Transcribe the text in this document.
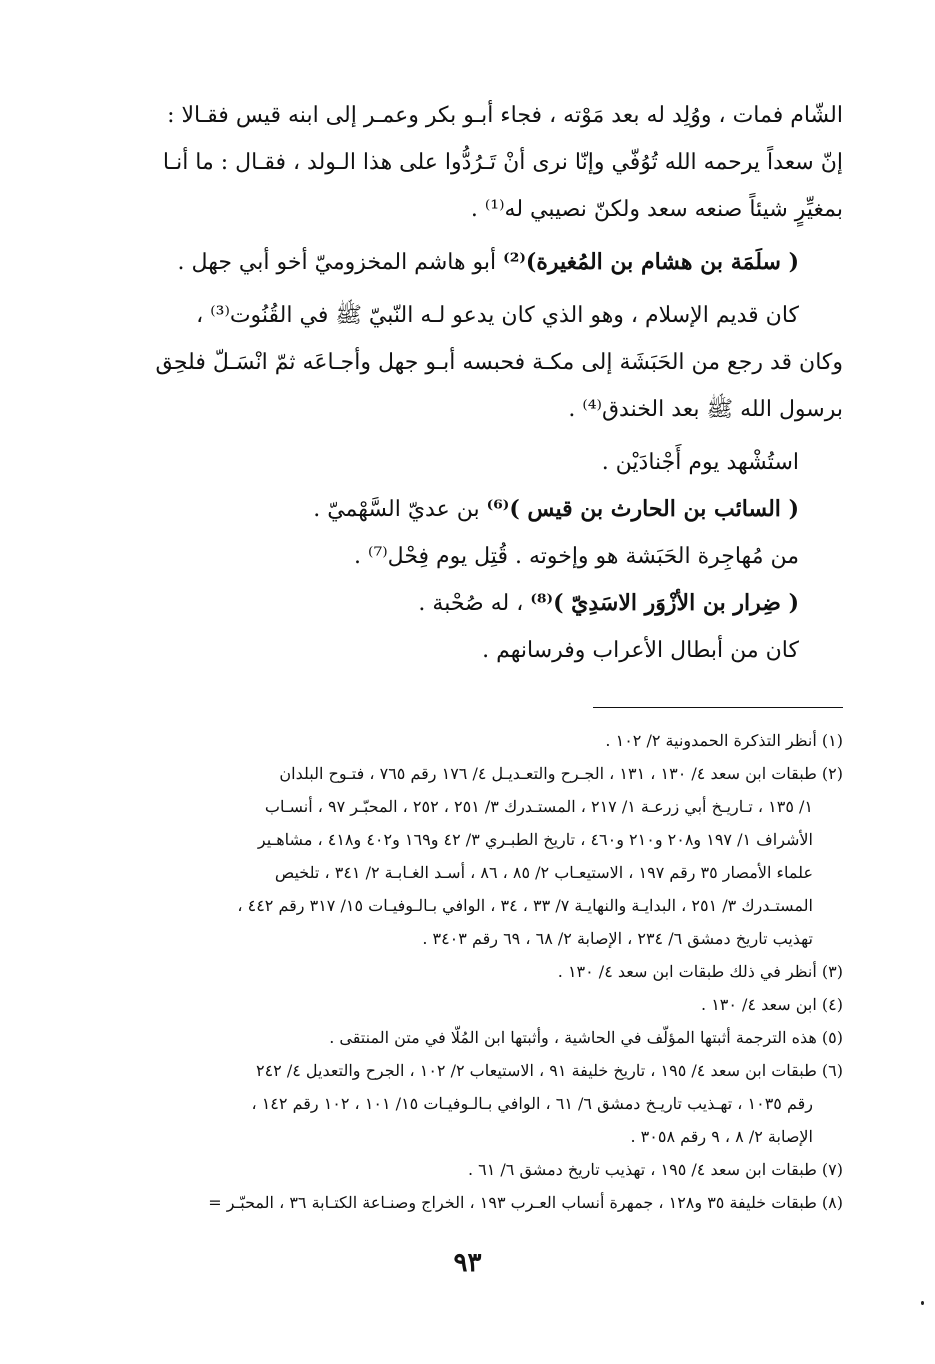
الشّام فمات ، ووُلِد له بعد مَوْته ، فجاء أبـو بكر وعمـر إلى ابنه قيس فقـالا :

إنّ سعداً يرحمه الله تُوُفّي وإنّا نرى أنْ تَـرُدُّوا على هذا الـولد ، فقـال : ما أنـا

بمغيِّرٍ شيئاً صنعه سعد ولكنّ نصيبي له⁽¹⁾ .

( سلَمَة بن هشام بن المُغيرة)⁽²⁾ أبو هاشم المخزوميّ أخو أبي جهل .

كان قديم الإسلام ، وهو الذي كان يدعو لـه النّبيّ ﷺ في القُنُوت⁽³⁾ ،

وكان قد رجع من الحَبَشَة إلى مكـة فحبسه أبـو جهل وأجـاعَه ثمّ انْسَـلّ فلحِق

برسول الله ﷺ بعد الخندق⁽⁴⁾ .

استُشْهد يوم أَجْنادَيْن .

( السائب بن الحارث بن قيس )⁽⁶⁾ بن عديّ السَّهْميّ .

من مُهاجِرة الحَبَشة هو وإخوته . قُتِل يوم فِحْل⁽⁷⁾ .

( ضِرار بن الأزْوَر الاسَدِيّ )⁽⁸⁾ ، له صُحْبة .

كان من أبطال الأعراب وفرسانهم .

(١) أنظر التذكرة الحمدونية ٢/ ١٠٢ .

(٢) طبقات ابن سعد ٤/ ١٣٠ ، ١٣١ ، الجـرح والتعـديـل ٤/ ١٧٦ رقم ٧٦٥ ، فتـوح البلدان

١/ ١٣٥ ، تـاريـخ أبي زرعـة ١/ ٢١٧ ، المستـدرك ٣/ ٢٥١ ، ٢٥٢ ، المحبّـر ٩٧ ، أنسـاب

الأشراف ١/ ١٩٧ و٢٠٨ و٢١٠ و٤٦٠ ، تاريخ الطبـري ٣/ ٤٢ و١٦٩ و٤٠٢ و٤١٨ ، مشاهـير

علماء الأمصار ٣٥ رقم ١٩٧ ، الاستيعـاب ٢/ ٨٥ ، ٨٦ ، أسـد الغـابـة ٢/ ٣٤١ ، تلخيص

المستـدرك ٣/ ٢٥١ ، البدايـة والنهايـة ٧/ ٣٣ ، ٣٤ ، الوافي بـالـوفيـات ١٥/ ٣١٧ رقم ٤٤٢ ،

تهذيب تاريخ دمشق ٦/ ٢٣٤ ، الإصابة ٢/ ٦٨ ، ٦٩ رقم ٣٤٠٣ .

(٣) أنظر في ذلك طبقات ابن سعد ٤/ ١٣٠ .

(٤) ابن سعد ٤/ ١٣٠ .

(٥) هذه الترجمة أثبتها المؤلّف في الحاشية ، وأثبتها ابن المُلّا في متن المنتقى .

(٦) طبقات ابن سعد ٤/ ١٩٥ ، تاريخ خليفة ٩١ ، الاستيعاب ٢/ ١٠٢ ، الجرح والتعديل ٤/ ٢٤٢

رقم ١٠٣٥ ، تهـذيب تاريـخ دمشق ٦/ ٦١ ، الوافي بـالـوفيـات ١٥/ ١٠١ ، ١٠٢ رقم ١٤٢ ،

الإصابة ٢/ ٨ ، ٩ رقم ٣٠٥٨ .

(٧) طبقات ابن سعد ٤/ ١٩٥ ، تهذيب تاريخ دمشق ٦/ ٦١ .

(٨) طبقات خليفة ٣٥ و١٢٨ ، جمهرة أنساب العـرب ١٩٣ ، الخراج وصنـاعة الكتـابة ٣٦ ، المحبّـر =

٩٣
